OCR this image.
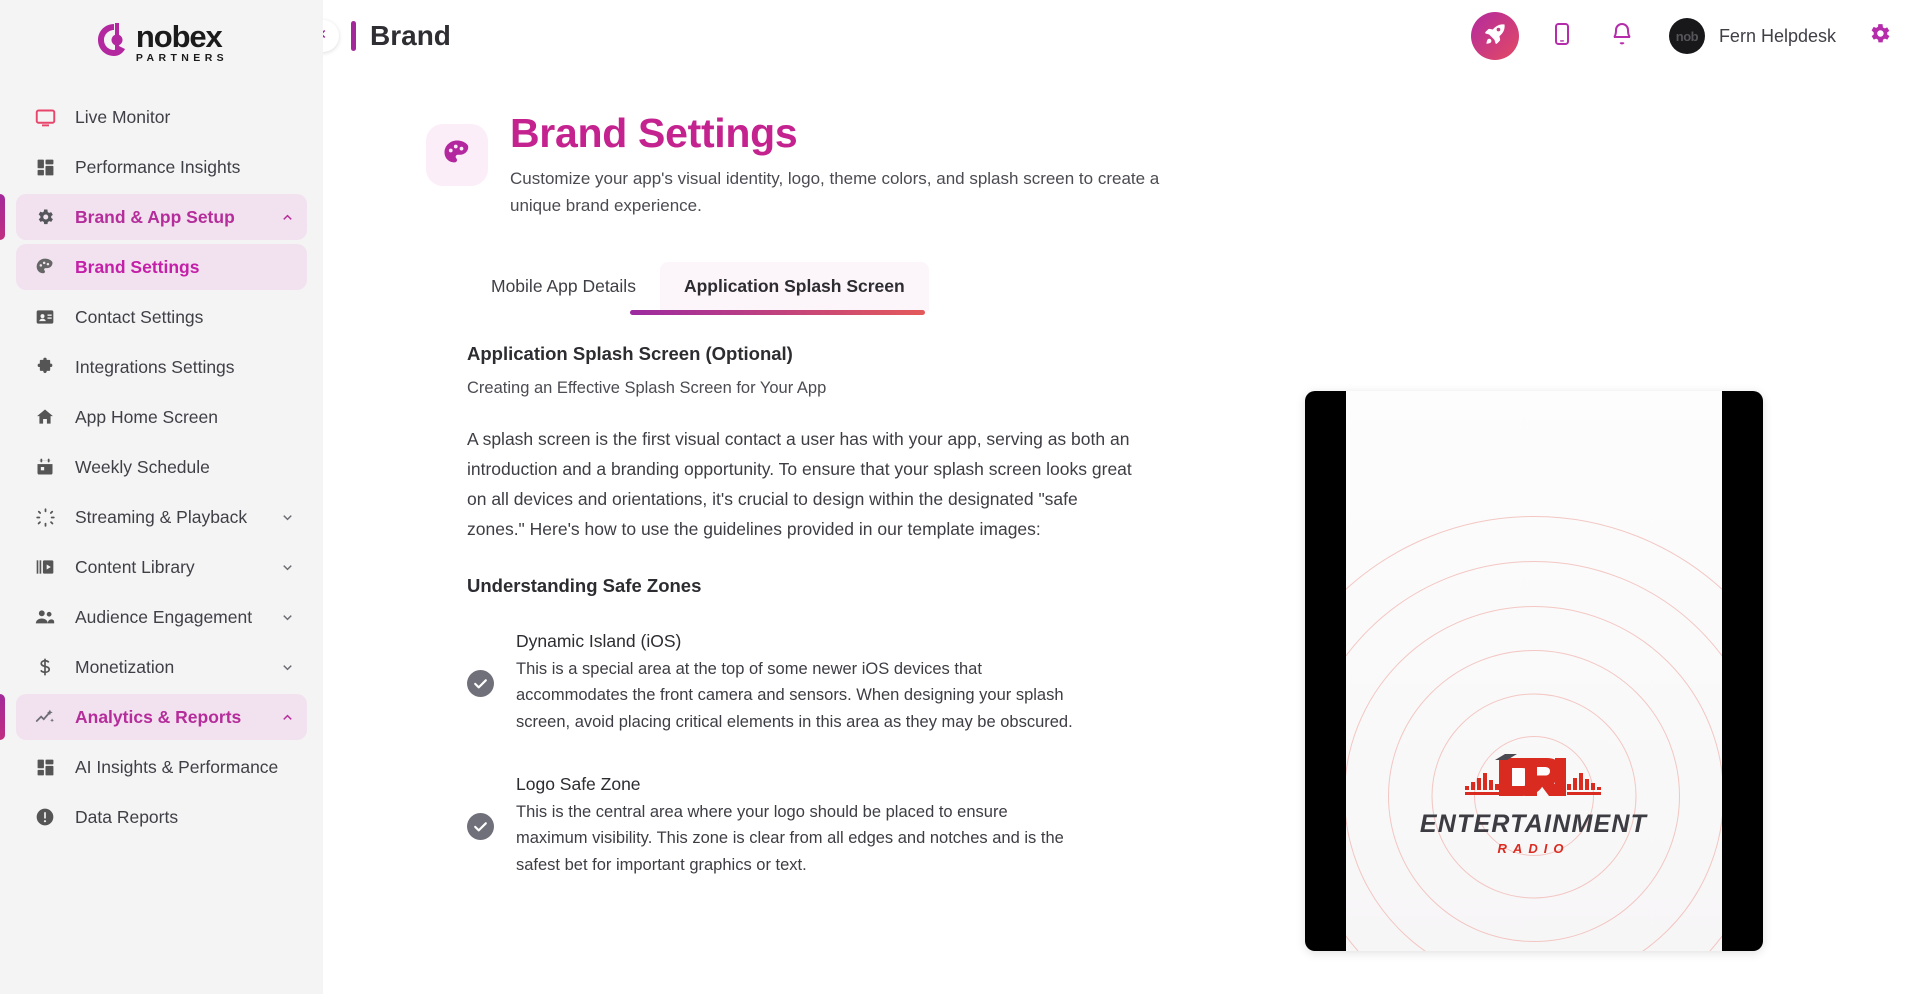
nobex
PARTNERS
Live Monitor
Performance Insights
Brand & App Setup
Brand Settings
Contact Settings
Integrations Settings
App Home Screen
Weekly Schedule
Streaming & Playback
Content Library
Audience Engagement
Monetization
Analytics & Reports
AI Insights & Performance
Data Reports
Brand	nob Fern Helpdesk
Brand Settings

Customize your app's visual identity, logo, theme colors, and splash screen to create a unique brand experience.

Mobile App Details	Application Splash Screen
Application Splash Screen (Optional)
Creating an Effective Splash Screen for Your App

A splash screen is the first visual contact a user has with your app, serving as both an introduction and a branding opportunity. To ensure that your splash screen looks great on all devices and orientations, it's crucial to design within the designated "safe zones." Here's how to use the guidelines provided in our template images:

Understanding Safe Zones
Dynamic Island (iOS)
This is a special area at the top of some newer iOS devices that accommodates the front camera and sensors. When designing your splash screen, avoid placing critical elements in this area as they may be obscured.
Logo Safe Zone
This is the central area where your logo should be placed to ensure maximum visibility. This zone is clear from all edges and notches and is the safest bet for important graphics or text.
ENTERTAINMENT
RADIO
